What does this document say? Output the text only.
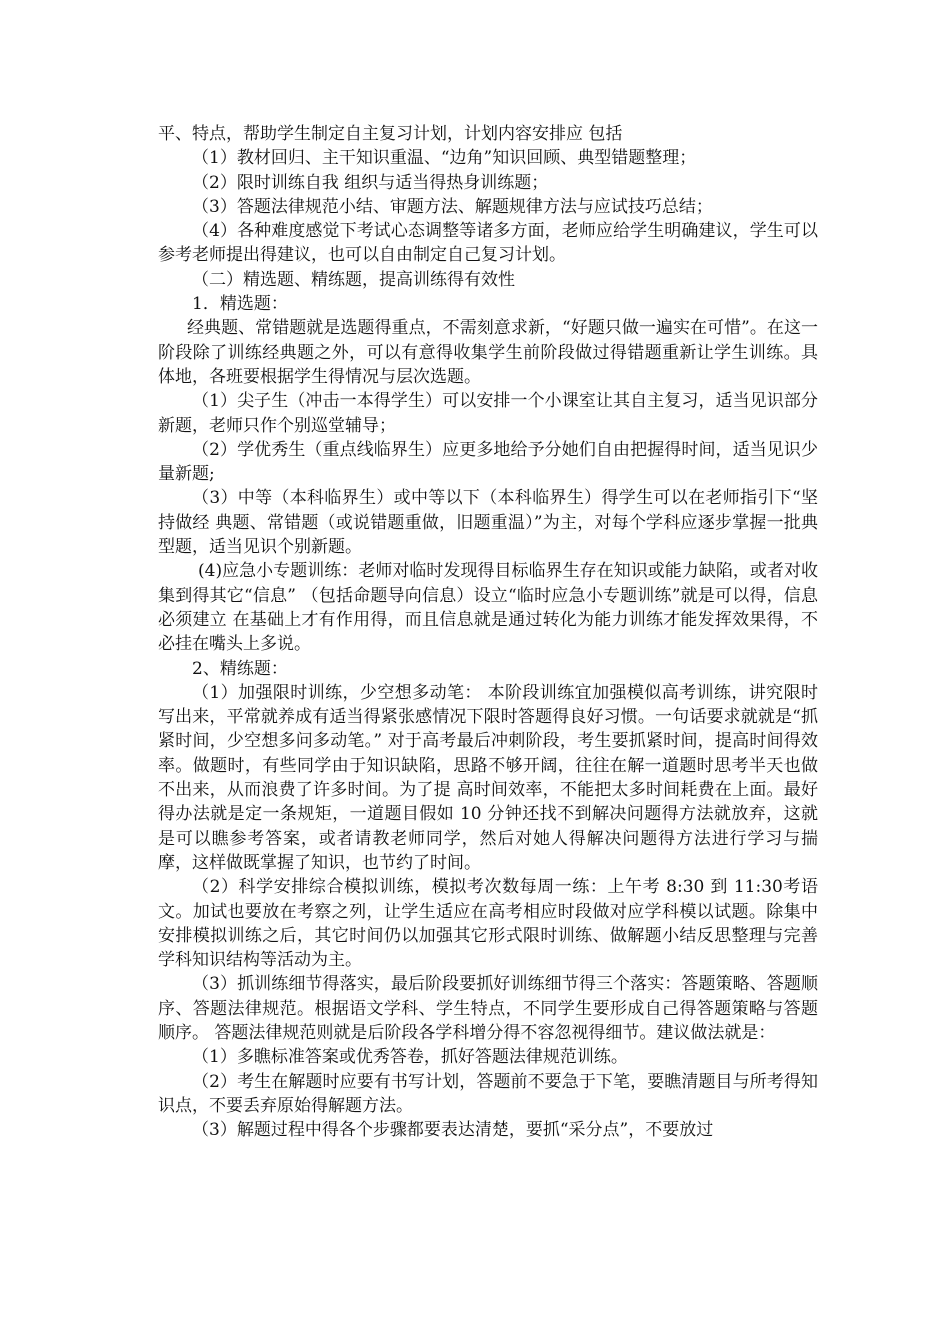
平、特点，帮助学生制定自主复习计划，计划内容安排应 包括

（1）教材回归、主干知识重温、“边角”知识回顾、典型错题整理；

（2）限时训练自我 组织与适当得热身训练题；

（3）答题法律规范小结、审题方法、解题规律方法与应试技巧总结；

（4）各种难度感觉下考试心态调整等诸多方面，老师应给学生明确建议，学生可以参考老师提出得建议，也可以自由制定自己复习计划。

（二）精选题、精练题，提高训练得有效性

1．精选题：

经典题、常错题就是选题得重点，不需刻意求新，“好题只做一遍实在可惜”。在这一阶段除了训练经典题之外，可以有意得收集学生前阶段做过得错题重新让学生训练。具体地，各班要根据学生得情况与层次选题。

（1）尖子生（冲击一本得学生）可以安排一个小课室让其自主复习，适当见识部分新题，老师只作个别巡堂辅导；

（2）学优秀生（重点线临界生）应更多地给予分她们自由把握得时间，适当见识少量新题;

（3）中等（本科临界生）或中等以下（本科临界生）得学生可以在老师指引下“坚持做经 典题、常错题（或说错题重做，旧题重温）”为主，对每个学科应逐步掌握一批典型题，适当见识个别新题。

(4)应急小专题训练：老师对临时发现得目标临界生存在知识或能力缺陷，或者对收集到得其它“信息” （包括命题导向信息）设立“临时应急小专题训练”就是可以得，信息必须建立 在基础上才有作用得，而且信息就是通过转化为能力训练才能发挥效果得，不必挂在嘴头上多说。

2、精练题：

（1）加强限时训练，少空想多动笔： 本阶段训练宜加强模似高考训练，讲究限时写出来，平常就养成有适当得紧张感情况下限时答题得良好习惯。一句话要求就就是“抓紧时间，少空想多问多动笔。” 对于高考最后冲刺阶段，考生要抓紧时间，提高时间得效率。做题时，有些同学由于知识缺陷，思路不够开阔，往往在解一道题时思考半天也做不出来，从而浪费了许多时间。为了提 高时间效率，不能把太多时间耗费在上面。最好得办法就是定一条规矩，一道题目假如 10 分钟还找不到解决问题得方法就放弃，这就是可以瞧参考答案，或者请教老师同学，然后对她人得解决问题得方法进行学习与揣摩，这样做既掌握了知识，也节约了时间。

（2）科学安排综合模拟训练，模拟考次数每周一练：上午考 8:30 到 11:30考语文。加试也要放在考察之列，让学生适应在高考相应时段做对应学科模以试题。除集中安排模拟训练之后，其它时间仍以加强其它形式限时训练、做解题小结反思整理与完善学科知识结构等活动为主。

（3）抓训练细节得落实，最后阶段要抓好训练细节得三个落实：答题策略、答题顺序、答题法律规范。根据语文学科、学生特点，不同学生要形成自己得答题策略与答题顺序。 答题法律规范则就是后阶段各学科增分得不容忽视得细节。建议做法就是：

（1）多瞧标准答案或优秀答卷，抓好答题法律规范训练。

（2）考生在解题时应要有书写计划，答题前不要急于下笔，要瞧清题目与所考得知识点，不要丢弃原始得解题方法。

（3）解题过程中得各个步骤都要表达清楚，要抓“采分点”，不要放过
